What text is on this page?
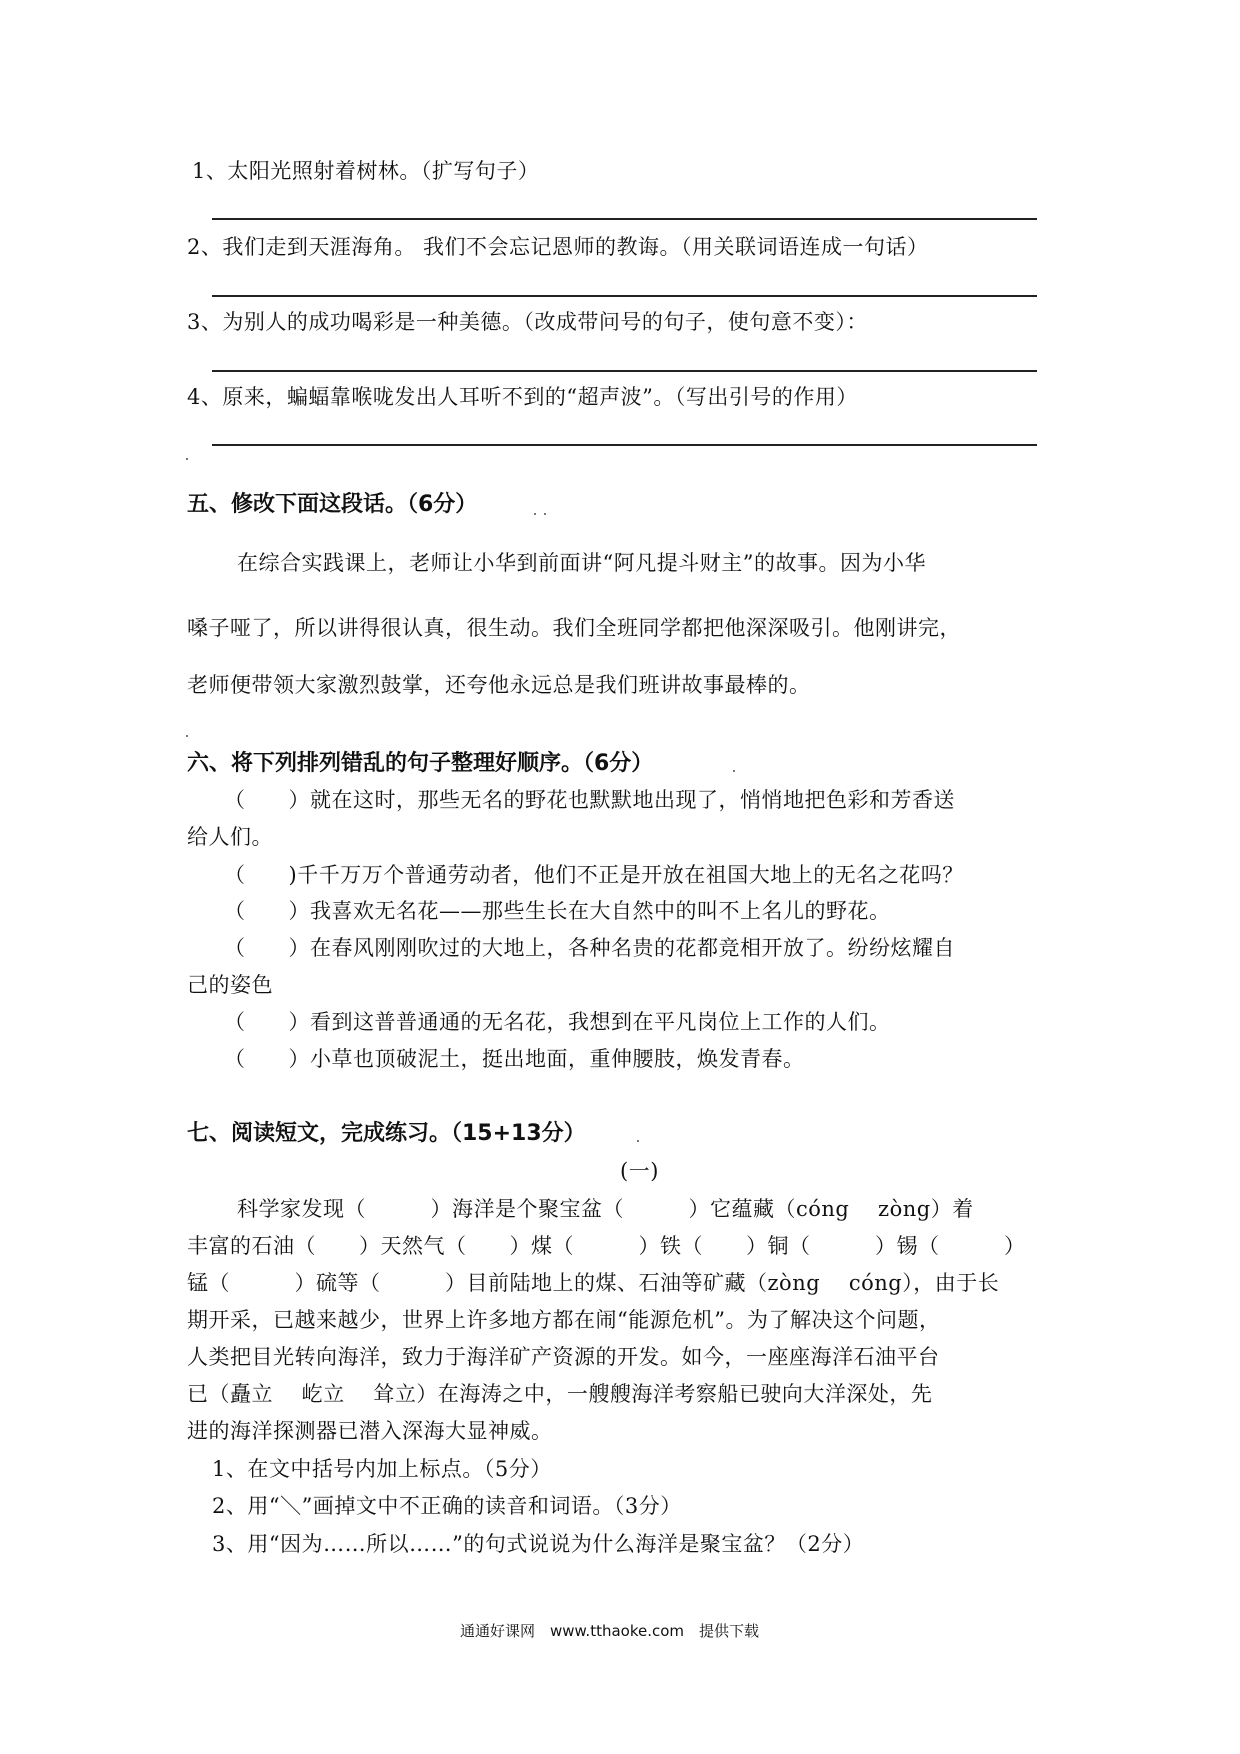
1、太阳光照射着树林。（扩写句子）
2、我们走到天涯海角。 我们不会忘记恩师的教诲。（用关联词语连成一句话）
3、为别人的成功喝彩是一种美德。（改成带问号的句子，使句意不变）：
4、原来，蝙蝠靠喉咙发出人耳听不到的“超声波”。（写出引号的作用）
五、修改下面这段话。（6分）
在综合实践课上，老师让小华到前面讲“阿凡提斗财主”的故事。因为小华
嗓子哑了，所以讲得很认真，很生动。我们全班同学都把他深深吸引。他刚讲完，
老师便带领大家激烈鼓掌，还夸他永远总是我们班讲故事最棒的。
六、将下列排列错乱的句子整理好顺序。（6分）
（　　）就在这时，那些无名的野花也默默地出现了，悄悄地把色彩和芳香送
给人们。
（　　)千千万万个普通劳动者，他们不正是开放在祖国大地上的无名之花吗？
（　　）我喜欢无名花——那些生长在大自然中的叫不上名儿的野花。
（　　）在春风刚刚吹过的大地上，各种名贵的花都竞相开放了。纷纷炫耀自
己的姿色
（　　）看到这普普通通的无名花，我想到在平凡岗位上工作的人们。
（　　）小草也顶破泥土，挺出地面，重伸腰肢，焕发青春。
七、阅读短文，完成练习。（15+13分）
(一)
科学家发现（　　　）海洋是个聚宝盆（　　　）它蕴藏（cóng　 zòng）着
丰富的石油（　　）天然气（　　）煤（　　　）铁（　　）铜（　　　）锡（　　　）
锰（　　　）硫等（　　　）目前陆地上的煤、石油等矿藏（zòng　 cóng），由于长
期开采，已越来越少，世界上许多地方都在闹“能源危机”。为了解决这个问题，
人类把目光转向海洋，致力于海洋矿产资源的开发。如今，一座座海洋石油平台
已（矗立　 屹立　 耸立）在海涛之中，一艘艘海洋考察船已驶向大洋深处，先
进的海洋探测器已潜入深海大显神威。
1、在文中括号内加上标点。（5分）
2、用“＼”画掉文中不正确的读音和词语。（3分）
3、用“因为……所以……”的句式说说为什么海洋是聚宝盆？（2分）
通通好课网　www.tthaoke.com　提供下载
